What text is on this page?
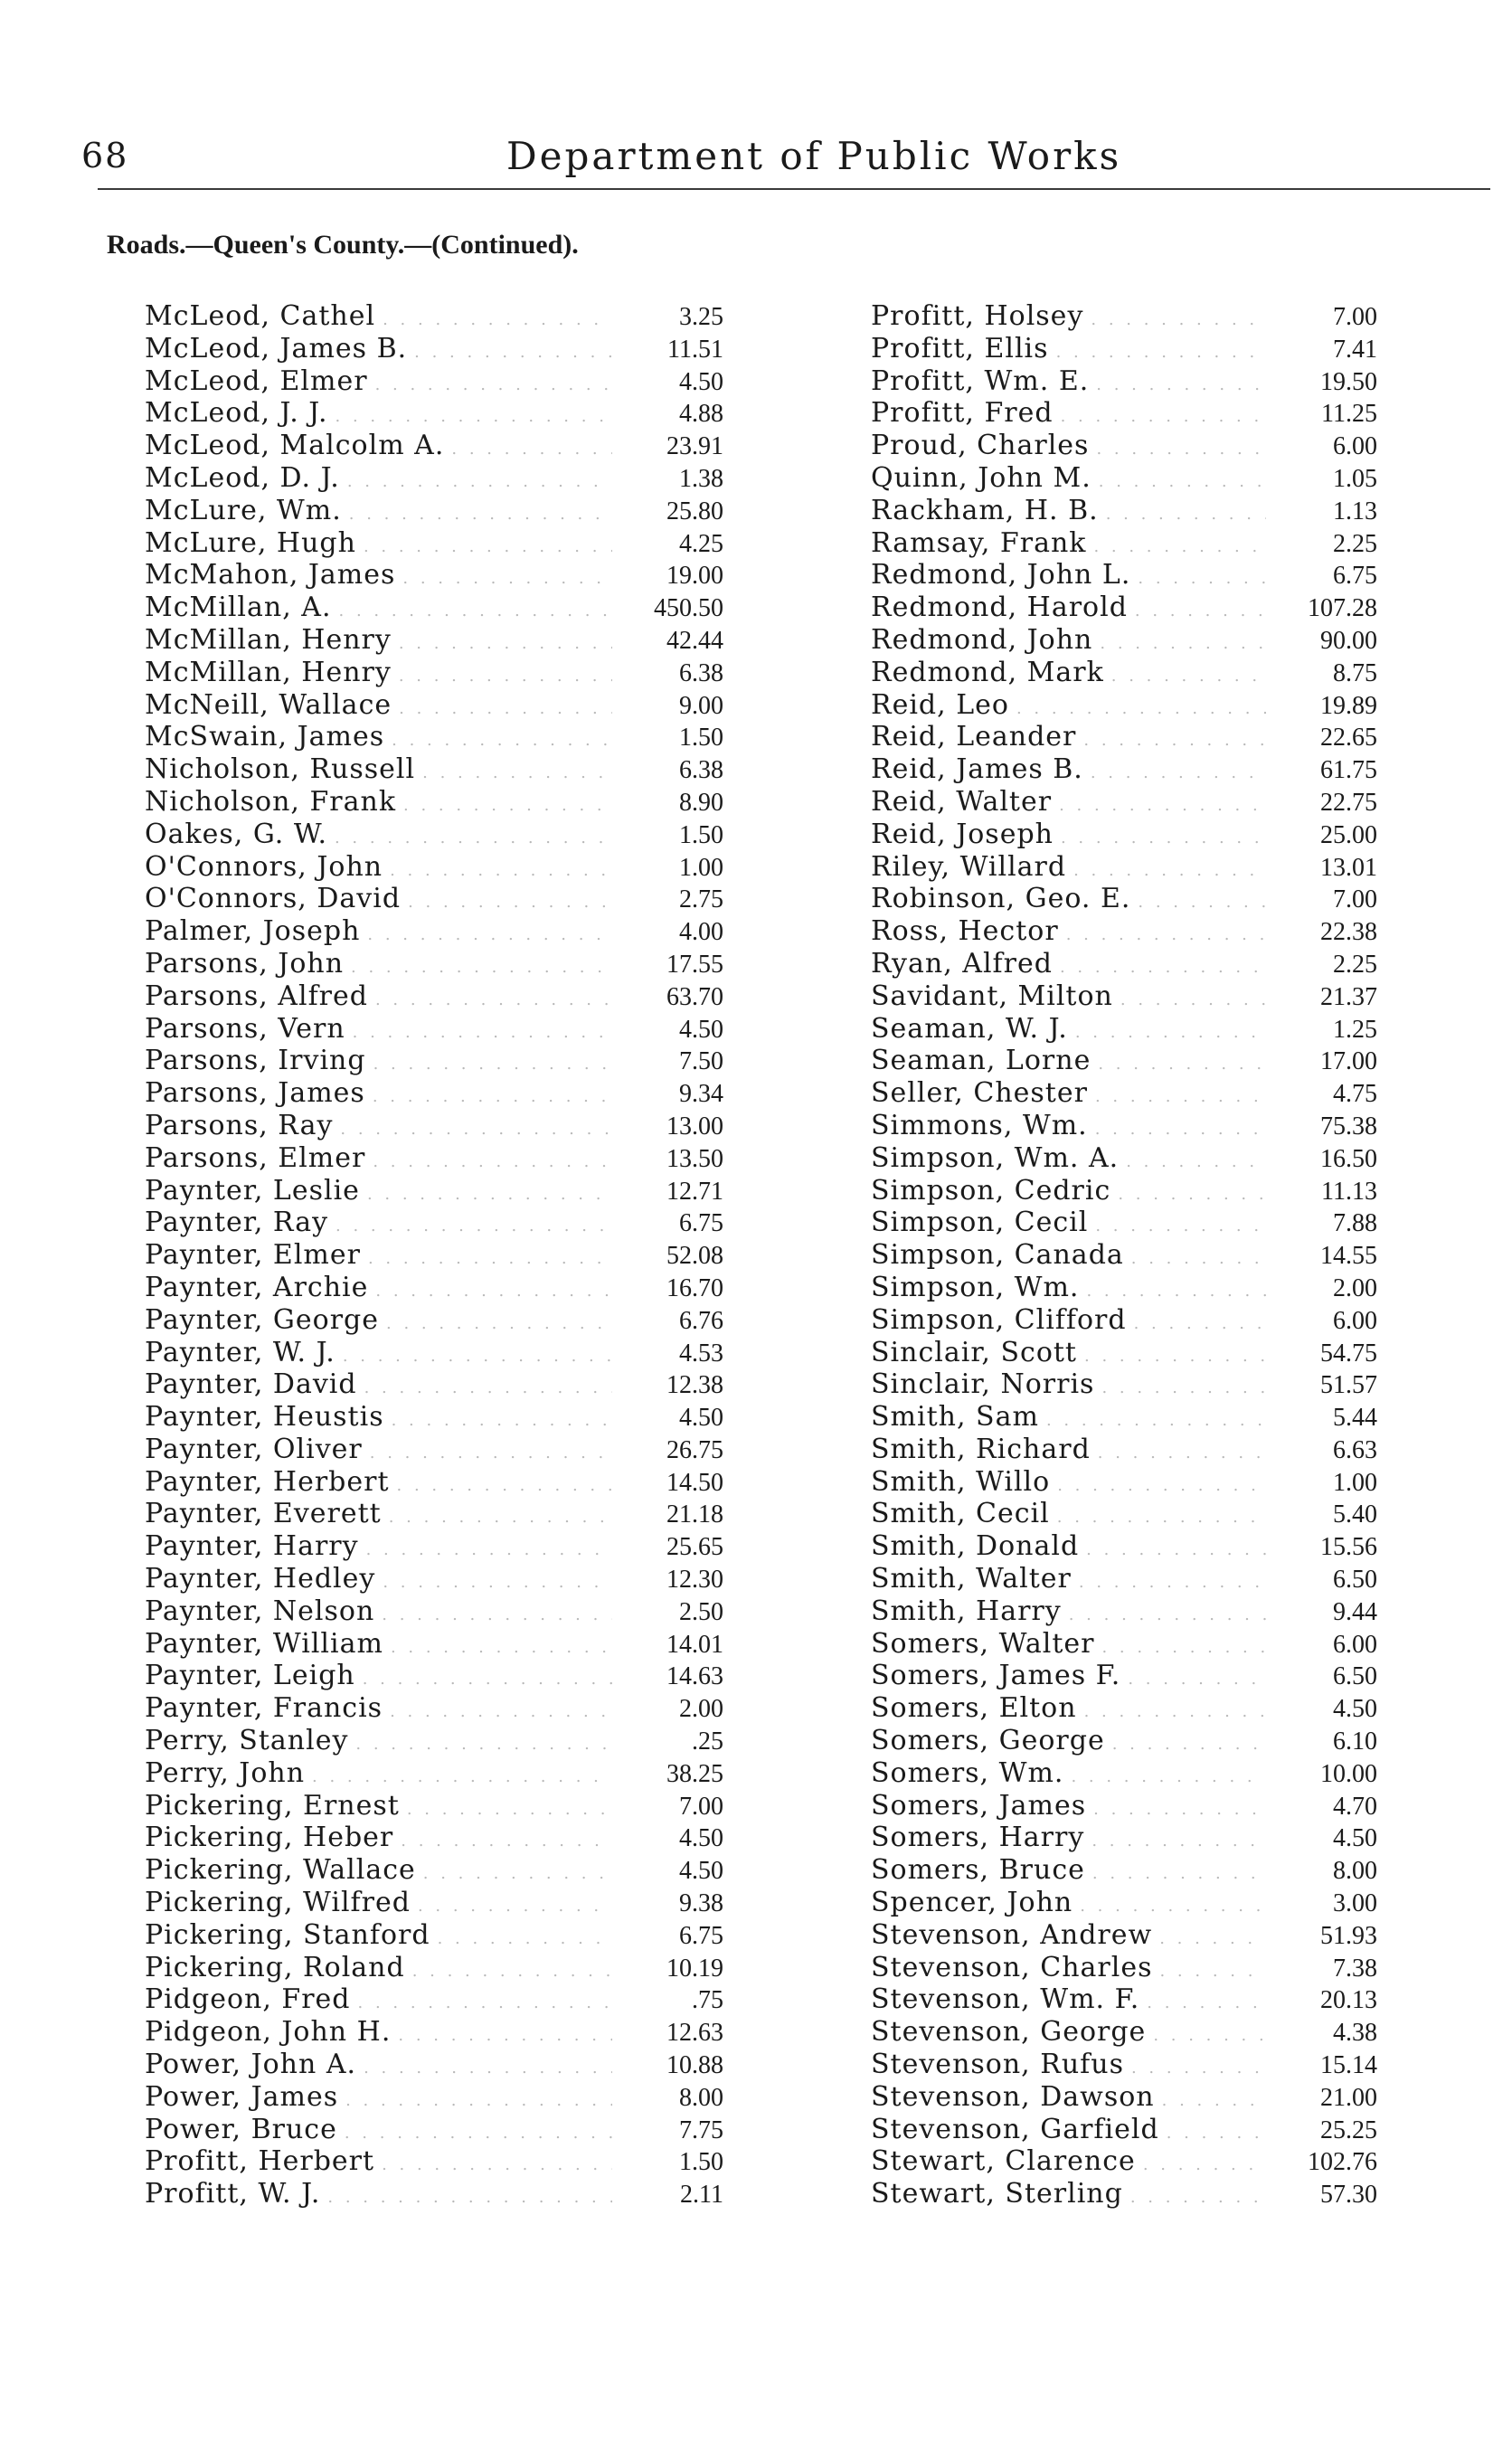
68	Department of Public Works
Roads.—Queen's County.—(Continued).
McLeod, Cathel . . .	3.25
McLeod, James B. . . .	11.51
McLeod, Elmer . . .	4.50
McLeod, J. J. . . .	4.88
McLeod, Malcolm A. . . .	23.91
McLeod, D. J. . . .	1.38
McLure, Wm. . . .	25.80
McLure, Hugh . . .	4.25
McMahon, James . . .	19.00
McMillan, A. . . .	450.50
McMillan, Henry . . .	42.44
McMillan, Henry . . .	6.38
McNeill, Wallace . . .	9.00
McSwain, James . . .	1.50
Nicholson, Russell . . .	6.38
Nicholson, Frank . . .	8.90
Oakes, G. W. . . .	1.50
O'Connors, John . . .	1.00
O'Connors, David . . .	2.75
Palmer, Joseph . . .	4.00
Parsons, John . . .	17.55
Parsons, Alfred . . .	63.70
Parsons, Vern . . .	4.50
Parsons, Irving . . .	7.50
Parsons, James . . .	9.34
Parsons, Ray . . .	13.00
Parsons, Elmer . . .	13.50
Paynter, Leslie . . .	12.71
Paynter, Ray . . .	6.75
Paynter, Elmer . . .	52.08
Paynter, Archie . . .	16.70
Paynter, George . . .	6.76
Paynter, W. J. . . .	4.53
Paynter, David . . .	12.38
Paynter, Heustis . . .	4.50
Paynter, Oliver . . .	26.75
Paynter, Herbert . . .	14.50
Paynter, Everett . . .	21.18
Paynter, Harry . . .	25.65
Paynter, Hedley . . .	12.30
Paynter, Nelson . . .	2.50
Paynter, William . . .	14.01
Paynter, Leigh . . .	14.63
Paynter, Francis . . .	2.00
Perry, Stanley . . .	.25
Perry, John . . .	38.25
Pickering, Ernest . . .	7.00
Pickering, Heber . . .	4.50
Pickering, Wallace . . .	4.50
Pickering, Wilfred . . .	9.38
Pickering, Stanford . . .	6.75
Pickering, Roland . . .	10.19
Pidgeon, Fred . . .	.75
Pidgeon, John H. . . .	12.63
Power, John A. . . .	10.88
Power, James . . .	8.00
Power, Bruce . . .	7.75
Profitt, Herbert . . .	1.50
Profitt, W. J. . . .	2.11
Profitt, Holsey . . .	7.00
Profitt, Ellis . . .	7.41
Profitt, Wm. E. . . .	19.50
Profitt, Fred . . .	11.25
Proud, Charles . . .	6.00
Quinn, John M. . . .	1.05
Rackham, H. B. . . .	1.13
Ramsay, Frank . . .	2.25
Redmond, John L. . . .	6.75
Redmond, Harold . . .	107.28
Redmond, John . . .	90.00
Redmond, Mark . . .	8.75
Reid, Leo . . .	19.89
Reid, Leander . . .	22.65
Reid, James B. . . .	61.75
Reid, Walter . . .	22.75
Reid, Joseph . . .	25.00
Riley, Willard . . .	13.01
Robinson, Geo. E. . . .	7.00
Ross, Hector . . .	22.38
Ryan, Alfred . . .	2.25
Savidant, Milton . . .	21.37
Seaman, W. J. . . .	1.25
Seaman, Lorne . . .	17.00
Seller, Chester . . .	4.75
Simmons, Wm. . . .	75.38
Simpson, Wm. A. . . .	16.50
Simpson, Cedric . . .	11.13
Simpson, Cecil . . .	7.88
Simpson, Canada . . .	14.55
Simpson, Wm. . . .	2.00
Simpson, Clifford . . .	6.00
Sinclair, Scott . . .	54.75
Sinclair, Norris . . .	51.57
Smith, Sam . . .	5.44
Smith, Richard . . .	6.63
Smith, Willo . . .	1.00
Smith, Cecil . . .	5.40
Smith, Donald . . .	15.56
Smith, Walter . . .	6.50
Smith, Harry . . .	9.44
Somers, Walter . . .	6.00
Somers, James F. . . .	6.50
Somers, Elton . . .	4.50
Somers, George . . .	6.10
Somers, Wm. . . .	10.00
Somers, James . . .	4.70
Somers, Harry . . .	4.50
Somers, Bruce . . .	8.00
Spencer, John . . .	3.00
Stevenson, Andrew . . .	51.93
Stevenson, Charles . . .	7.38
Stevenson, Wm. F. . . .	20.13
Stevenson, George . . .	4.38
Stevenson, Rufus . . .	15.14
Stevenson, Dawson . . .	21.00
Stevenson, Garfield . . .	25.25
Stewart, Clarence . . .	102.76
Stewart, Sterling . . .	57.30
